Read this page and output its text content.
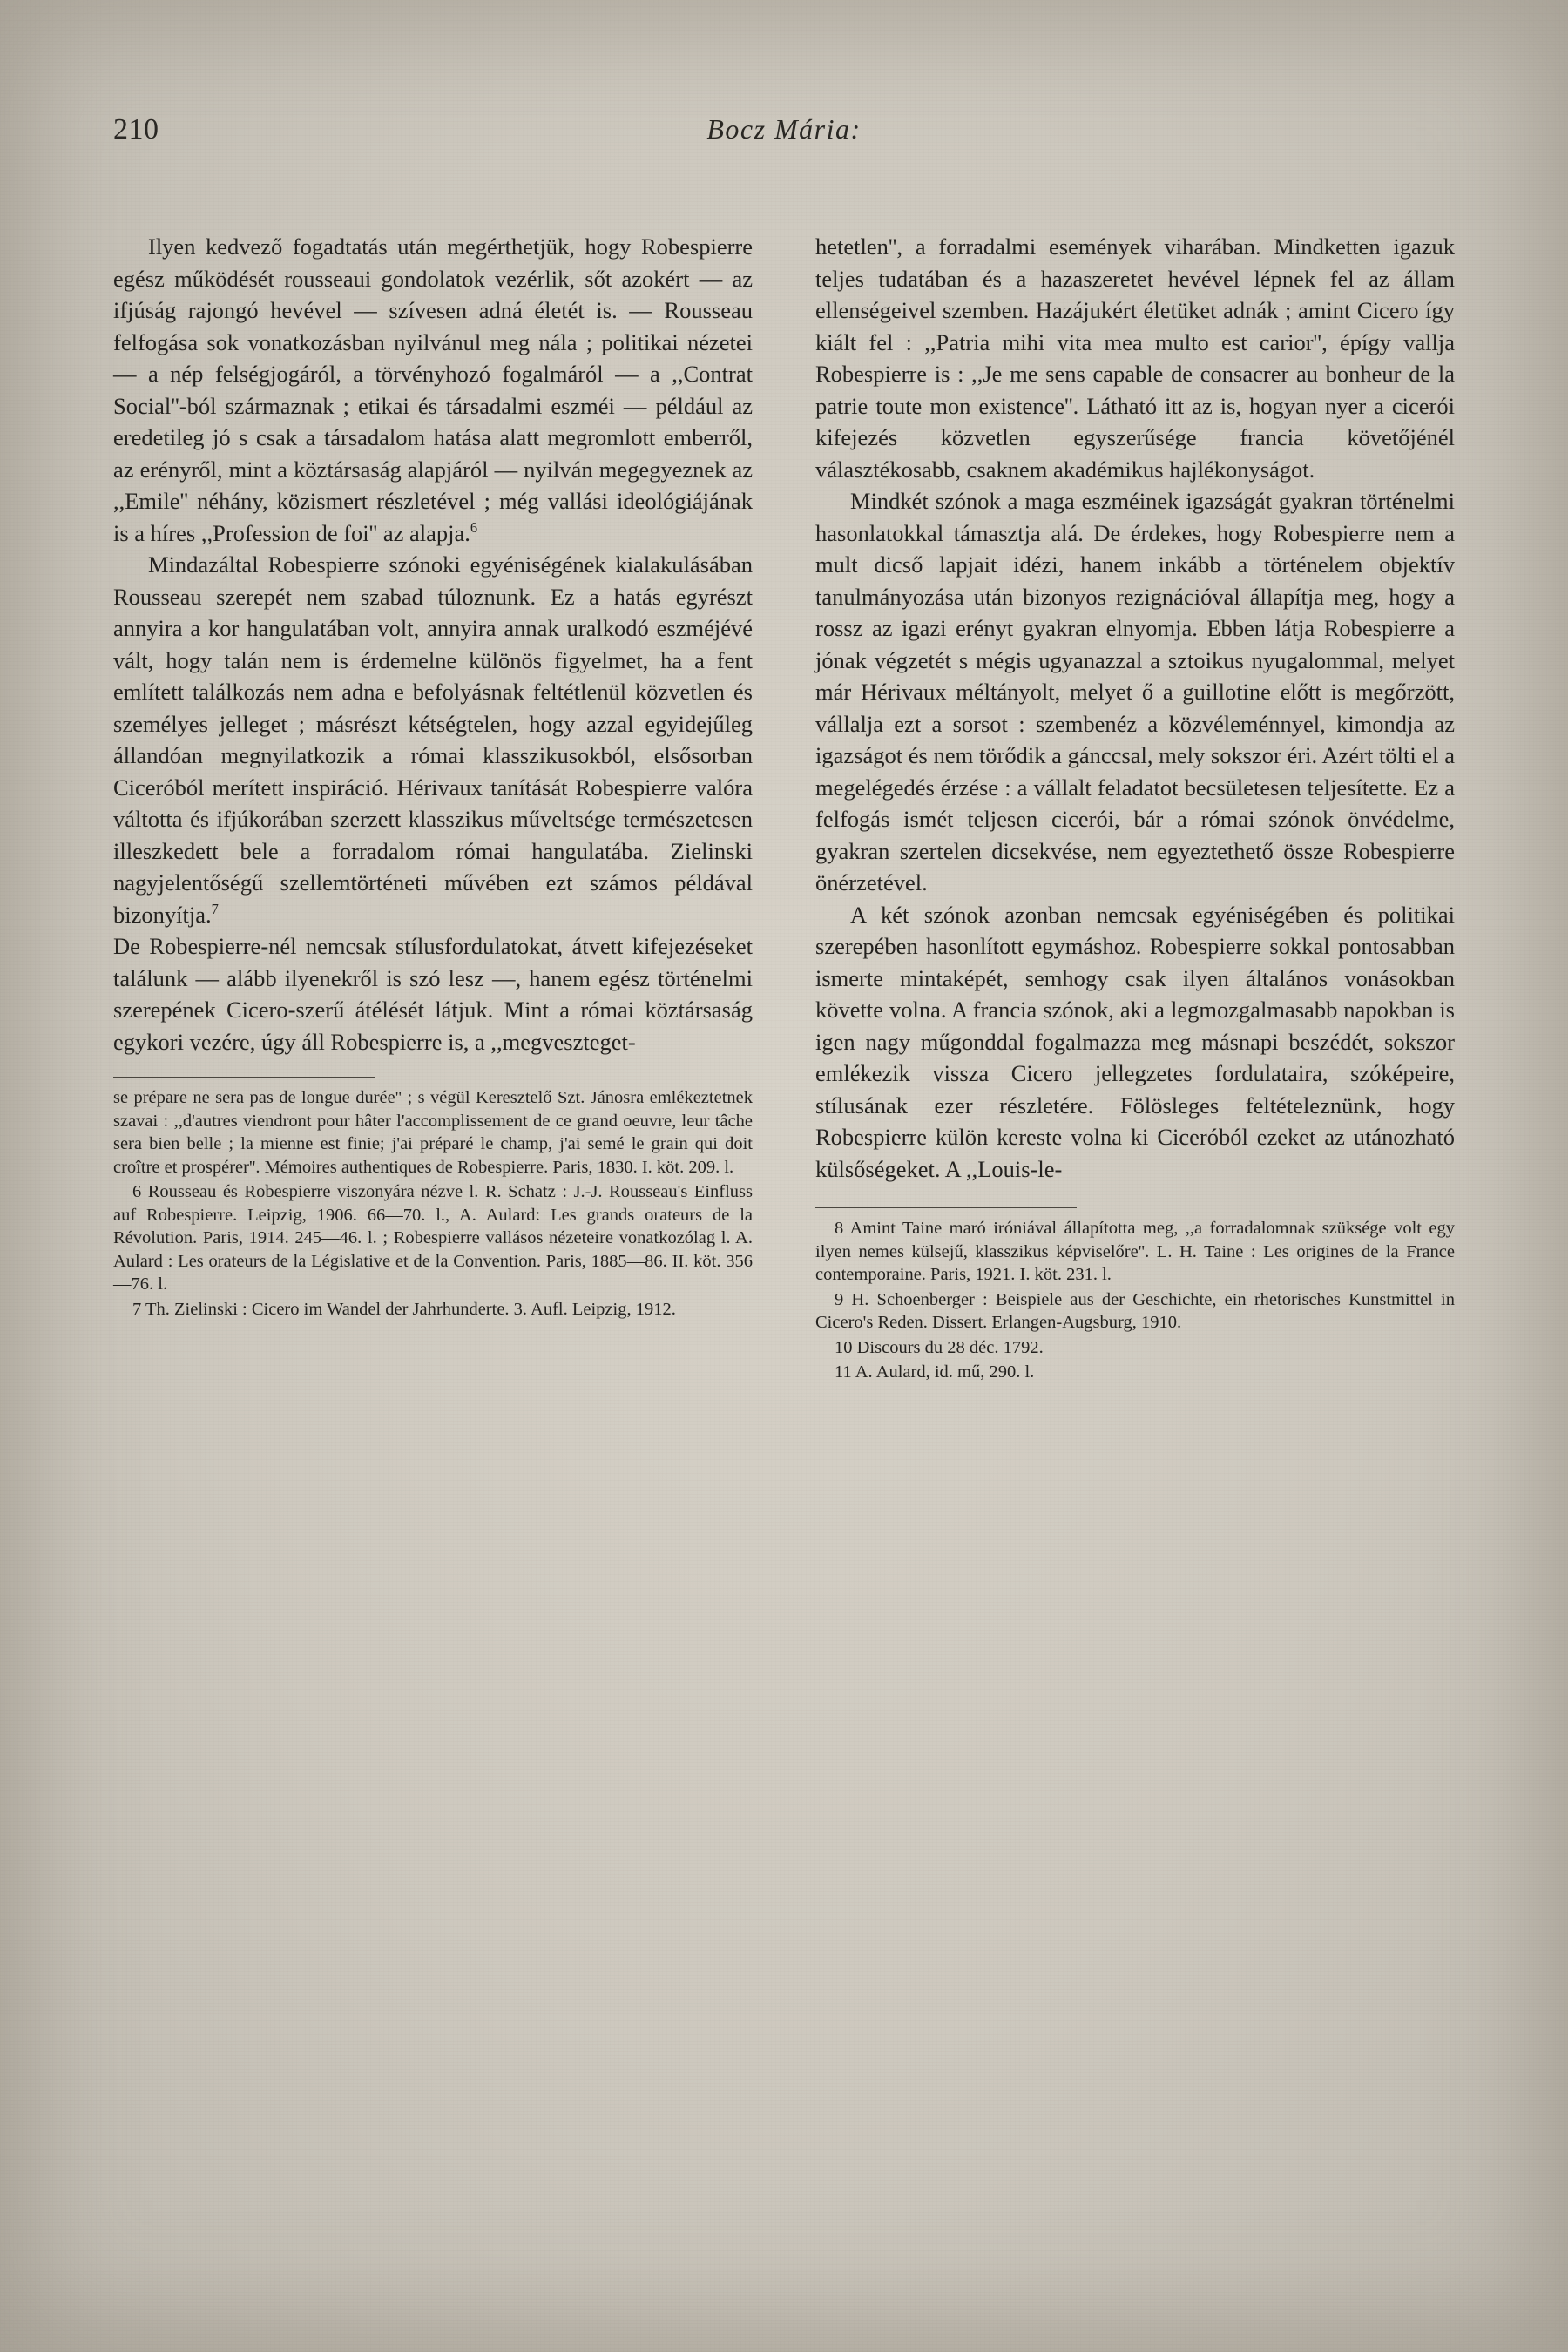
210	Bocz Mária:

Ilyen kedvező fogadtatás után megérthetjük, hogy Robespierre egész működését rousseaui gondolatok vezérlik, sőt azokért — az ifjúság rajongó hevével — szívesen adná életét is. — Rousseau felfogása sok vonatkozásban nyilvánul meg nála ; politikai nézetei — a nép felségjogáról, a törvényhozó fogalmáról — a ,,Contrat Social''-ból származnak ; etikai és társadalmi eszméi — például az eredetileg jó s csak a társadalom hatása alatt megromlott emberről, az erényről, mint a köztársaság alapjáról — nyilván megegyeznek az ,,Emile'' néhány, közismert részletével ; még vallási ideológiájának is a híres ,,Profession de foi'' az alapja.$^6$

Mindazáltal Robespierre szónoki egyéniségének kialakulásában Rousseau szerepét nem szabad túloznunk. Ez a hatás egyrészt annyira a kor hangulatában volt, annyira annak uralkodó eszméjévé vált, hogy talán nem is érdemelne különös figyelmet, ha a fent említett találkozás nem adna e befolyásnak feltétlenül közvetlen és személyes jelleget ; másrészt kétségtelen, hogy azzal egyidejűleg állandóan megnyilatkozik a római klasszikusokból, elsősorban Ciceróból merített inspiráció. Hérivaux tanítását Robespierre valóra váltotta és ifjúkorában szerzett klasszikus műveltsége természetesen illeszkedett bele a forradalom római hangulatába. Zielinski nagyjelentőségű szellemtörténeti művében ezt számos példával bizonyítja.$^7$

De Robespierre-nél nemcsak stílusfordulatokat, átvett kifejezéseket találunk — alább ilyenekről is szó lesz —, hanem egész történelmi szerepének Cicero-szerű átélését látjuk. Mint a római köztársaság egykori vezére, úgy áll Robespierre is, a ,,megveszteget-

se prépare ne sera pas de longue durée'' ; s végül Keresztelő Szt. Jánosra emlékeztetnek szavai : ,,d'autres viendront pour hâter l'accomplissement de ce grand oeuvre, leur tâche sera bien belle ; la mienne est finie; j'ai préparé le champ, j'ai semé le grain qui doit croître et prospérer''. Mémoires authentiques de Robespierre. Paris, 1830. I. köt. 209. l.

6 Rousseau és Robespierre viszonyára nézve l. R. Schatz : J.-J. Rousseau's Einfluss auf Robespierre. Leipzig, 1906. 66—70. l., A. Aulard: Les grands orateurs de la Révolution. Paris, 1914. 245—46. l. ; Robespierre vallásos nézeteire vonatkozólag l. A. Aulard : Les orateurs de la Législative et de la Convention. Paris, 1885—86. II. köt. 356—76. l.

7 Th. Zielinski : Cicero im Wandel der Jahrhunderte. 3. Aufl. Leipzig, 1912.

hetetlen'', a forradalmi események viharában. Mindketten igazuk teljes tudatában és a hazaszeretet hevével lépnek fel az állam ellenségeivel szemben. Hazájukért életüket adnák ; amint Cicero így kiált fel : ,,Patria mihi vita mea multo est carior'', épígy vallja Robespierre is : ,,Je me sens capable de consacrer au bonheur de la patrie toute mon existence''. Látható itt az is, hogyan nyer a cicerói kifejezés közvetlen egyszerűsége francia követőjénél választékosabb, csaknem akadémikus hajlékonyságot.

Mindkét szónok a maga eszméinek igazságát gyakran történelmi hasonlatokkal támasztja alá. De érdekes, hogy Robespierre nem a mult dicső lapjait idézi, hanem inkább a történelem objektív tanulmányozása után bizonyos rezignációval állapítja meg, hogy a rossz az igazi erényt gyakran elnyomja. Ebben látja Robespierre a jónak végzetét s mégis ugyanazzal a sztoikus nyugalommal, melyet már Hérivaux méltányolt, melyet ő a guillotine előtt is megőrzött, vállalja ezt a sorsot : szembenéz a közvéleménnyel, kimondja az igazságot és nem törődik a gánccsal, mely sokszor éri. Azért tölti el a megelégedés érzése : a vállalt feladatot becsületesen teljesítette. Ez a felfogás ismét teljesen cicerói, bár a római szónok önvédelme, gyakran szertelen dicsekvése, nem egyeztethető össze Robespierre önérzetével.

A két szónok azonban nemcsak egyéniségében és politikai szerepében hasonlított egymáshoz. Robespierre sokkal pontosabban ismerte mintaképét, semhogy csak ilyen általános vonásokban követte volna. A francia szónok, aki a legmozgalmasabb napokban is igen nagy műgonddal fogalmazza meg másnapi beszédét, sokszor emlékezik vissza Cicero jellegzetes fordulataira, szóképeire, stílusának ezer részletére. Fölösleges feltételeznünk, hogy Robespierre külön kereste volna ki Ciceróból ezeket az utánozható külsőségeket. A ,,Louis-le-

8 Amint Taine maró iróniával állapította meg, ,,a forradalomnak szüksége volt egy ilyen nemes külsejű, klasszikus képviselőre''. L. H. Taine : Les origines de la France contemporaine. Paris, 1921. I. köt. 231. l.

9 H. Schoenberger : Beispiele aus der Geschichte, ein rhetorisches Kunstmittel in Cicero's Reden. Dissert. Erlangen-Augsburg, 1910.

10 Discours du 28 déc. 1792.

11 A. Aulard, id. mű, 290. l.
